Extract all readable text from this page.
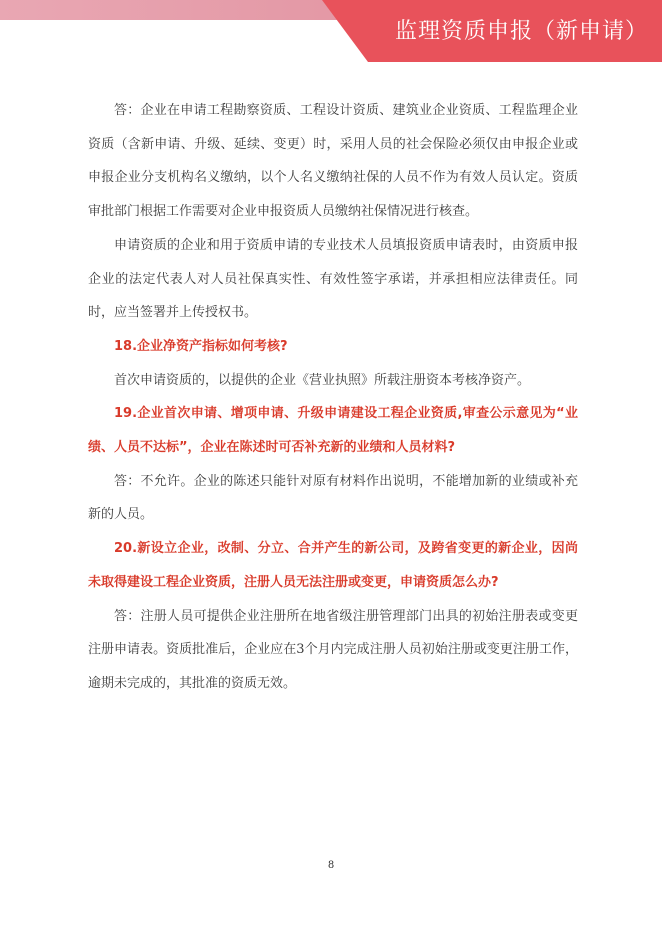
监理资质申报（新申请）

答：企业在申请工程勘察资质、工程设计资质、建筑业企业资质、工程监理企业资质（含新申请、升级、延续、变更）时，采用人员的社会保险必须仅由申报企业或申报企业分支机构名义缴纳，以个人名义缴纳社保的人员不作为有效人员认定。资质审批部门根据工作需要对企业申报资质人员缴纳社保情况进行核查。

申请资质的企业和用于资质申请的专业技术人员填报资质申请表时，由资质申报企业的法定代表人对人员社保真实性、有效性签字承诺，并承担相应法律责任。同时，应当签署并上传授权书。

18.企业净资产指标如何考核?

首次申请资质的，以提供的企业《营业执照》所载注册资本考核净资产。

19.企业首次申请、增项申请、升级申请建设工程企业资质,审查公示意见为“业绩、人员不达标”，企业在陈述时可否补充新的业绩和人员材料?

答：不允许。企业的陈述只能针对原有材料作出说明，不能增加新的业绩或补充新的人员。

20.新设立企业，改制、分立、合并产生的新公司，及跨省变更的新企业，因尚未取得建设工程企业资质，注册人员无法注册或变更，申请资质怎么办?

答：注册人员可提供企业注册所在地省级注册管理部门出具的初始注册表或变更注册申请表。资质批准后，企业应在3个月内完成注册人员初始注册或变更注册工作，逾期未完成的，其批准的资质无效。

8
